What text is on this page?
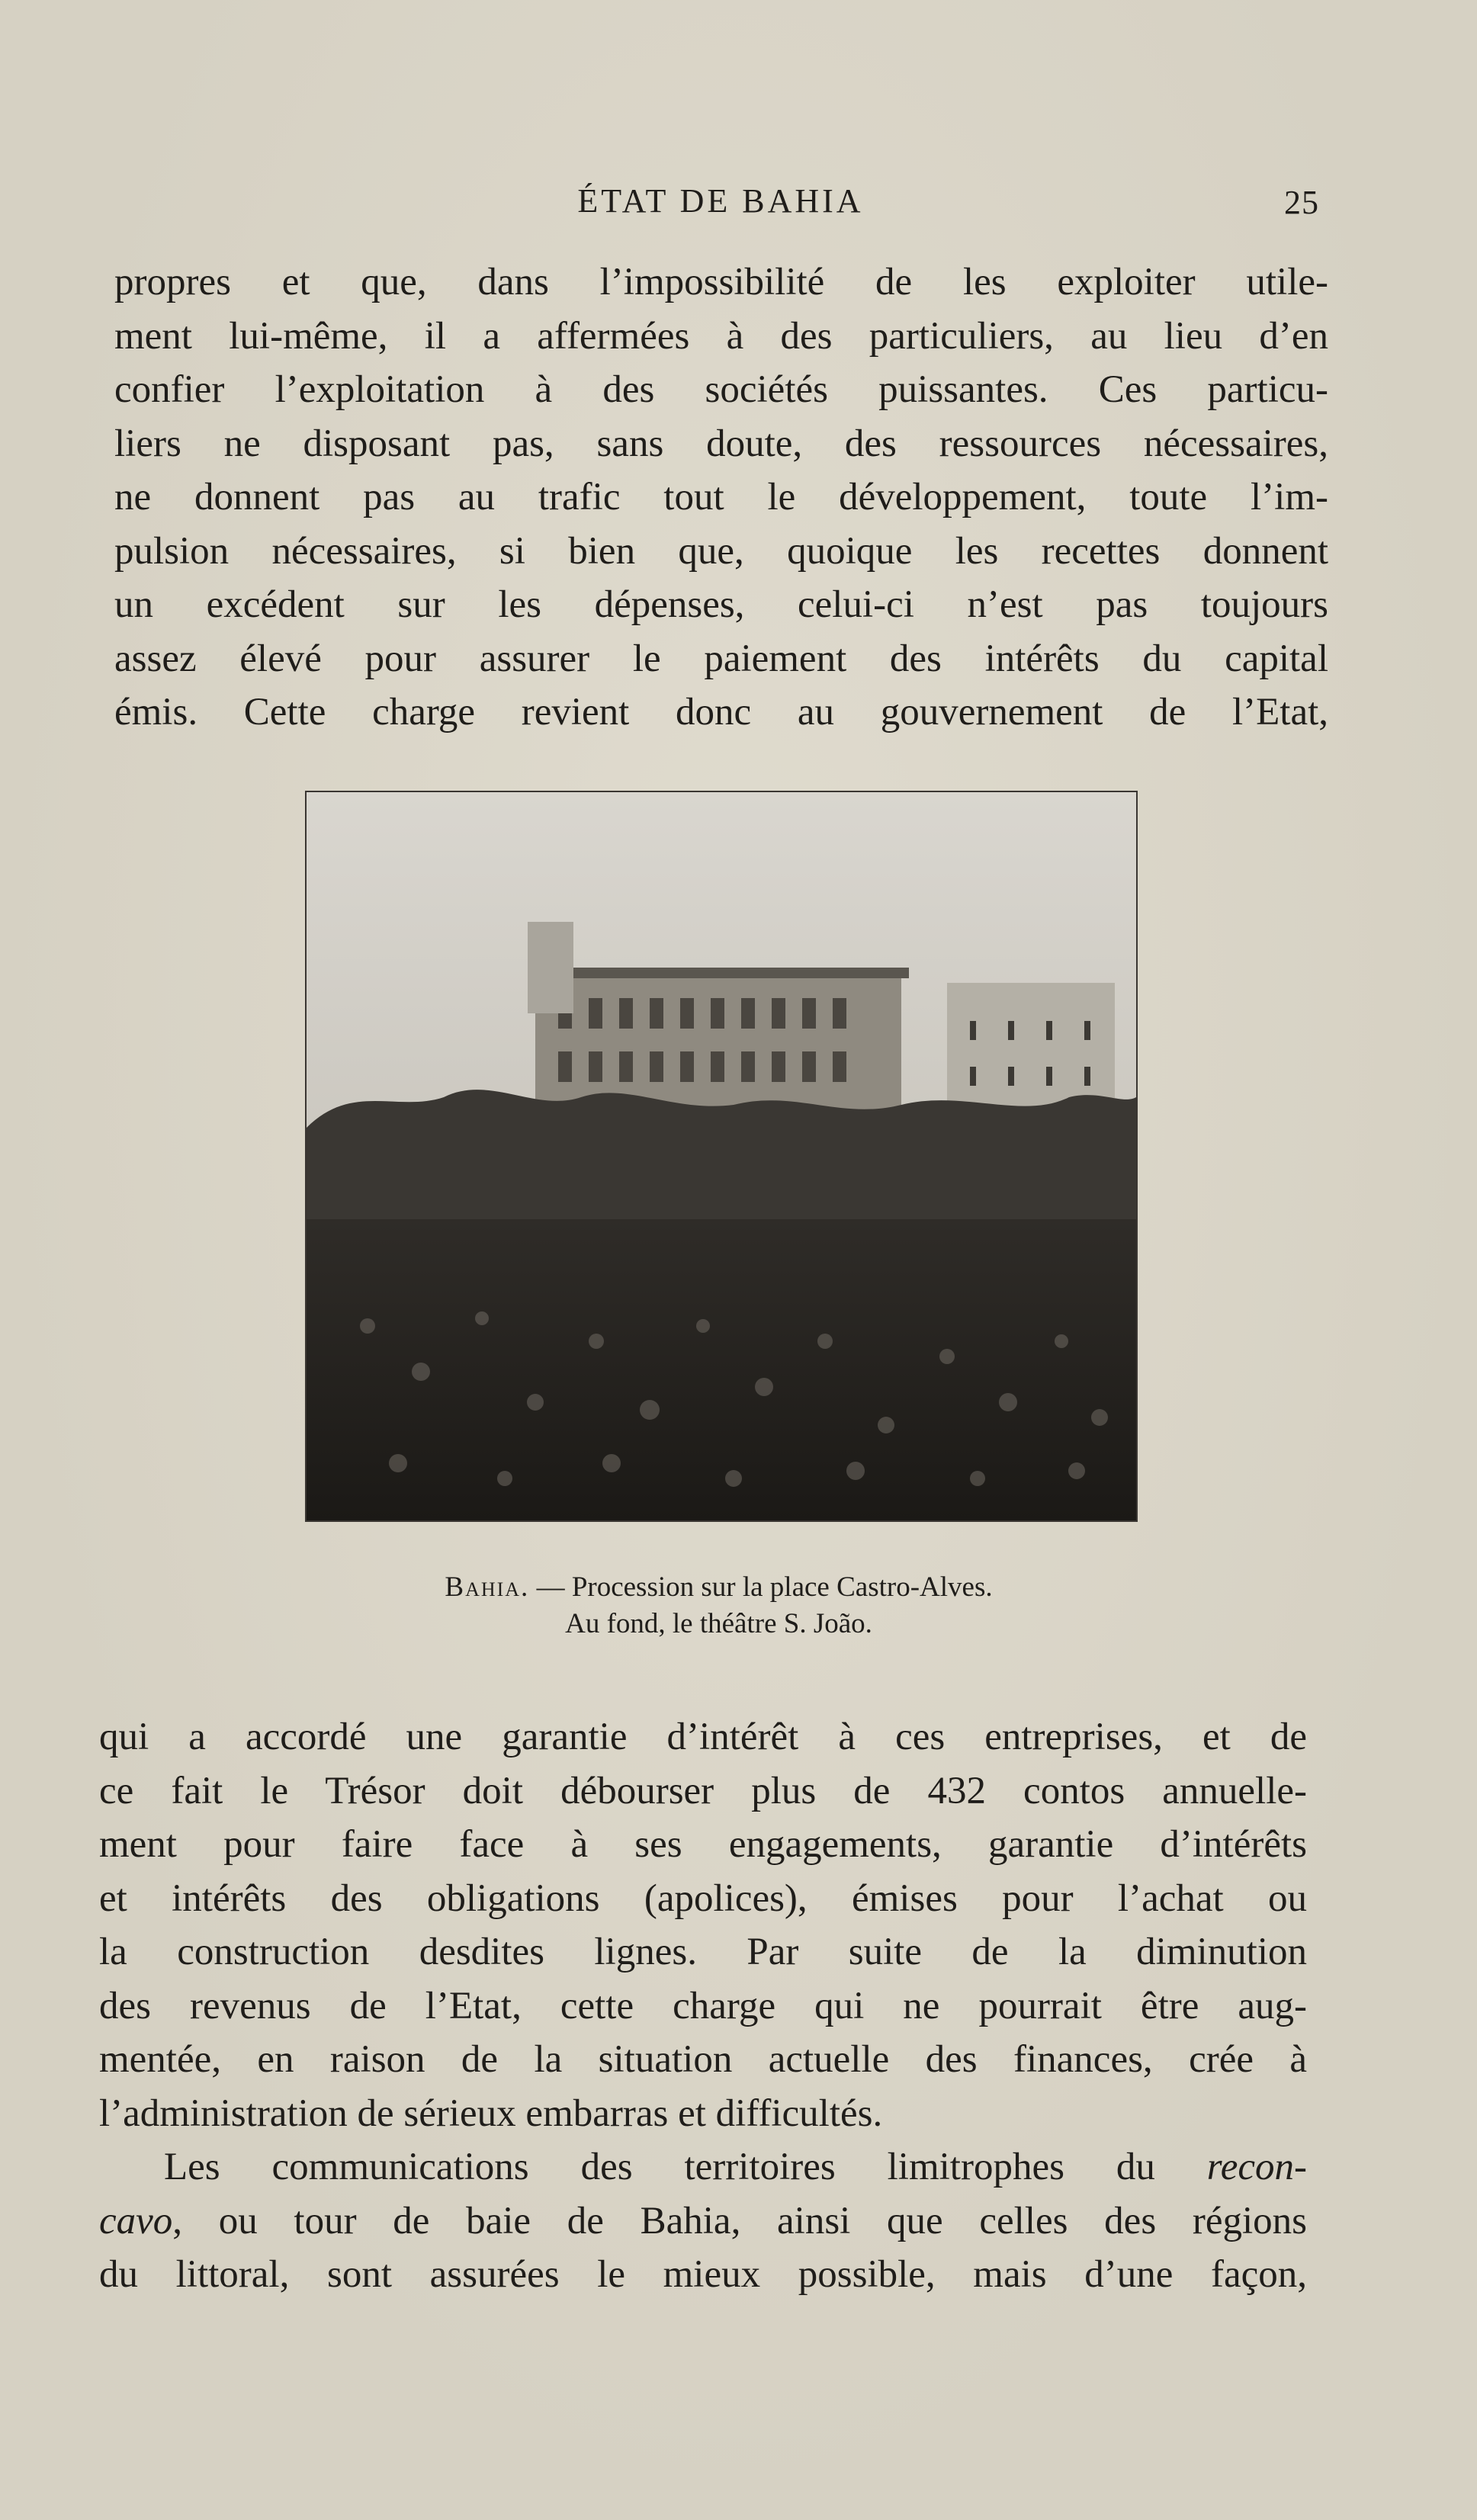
ÉTAT DE BAHIA	25
propres et que, dans l’impossibilité de les exploiter utile-
ment lui-même, il a affermées à des particuliers, au lieu d’en
confier l’exploitation à des sociétés puissantes. Ces particu-
liers ne disposant pas, sans doute, des ressources nécessaires,
ne donnent pas au trafic tout le développement, toute l’im-
pulsion nécessaires, si bien que, quoique les recettes donnent
un excédent sur les dépenses, celui-ci n’est pas toujours
assez élevé pour assurer le paiement des intérêts du capital
émis. Cette charge revient donc au gouvernement de l’Etat,
Bahia. — Procession sur la place Castro-Alves.
Au fond, le théâtre S. João.
qui a accordé une garantie d’intérêt à ces entreprises, et de
ce fait le Trésor doit débourser plus de 432 contos annuelle-
ment pour faire face à ses engagements, garantie d’intérêts
et intérêts des obligations (apolices), émises pour l’achat ou
la construction desdites lignes. Par suite de la diminution
des revenus de l’Etat, cette charge qui ne pourrait être aug-
mentée, en raison de la situation actuelle des finances, crée à
l’administration de sérieux embarras et difficultés.
Les communications des territoires limitrophes du recon-
cavo, ou tour de baie de Bahia, ainsi que celles des régions
du littoral, sont assurées le mieux possible, mais d’une façon,
